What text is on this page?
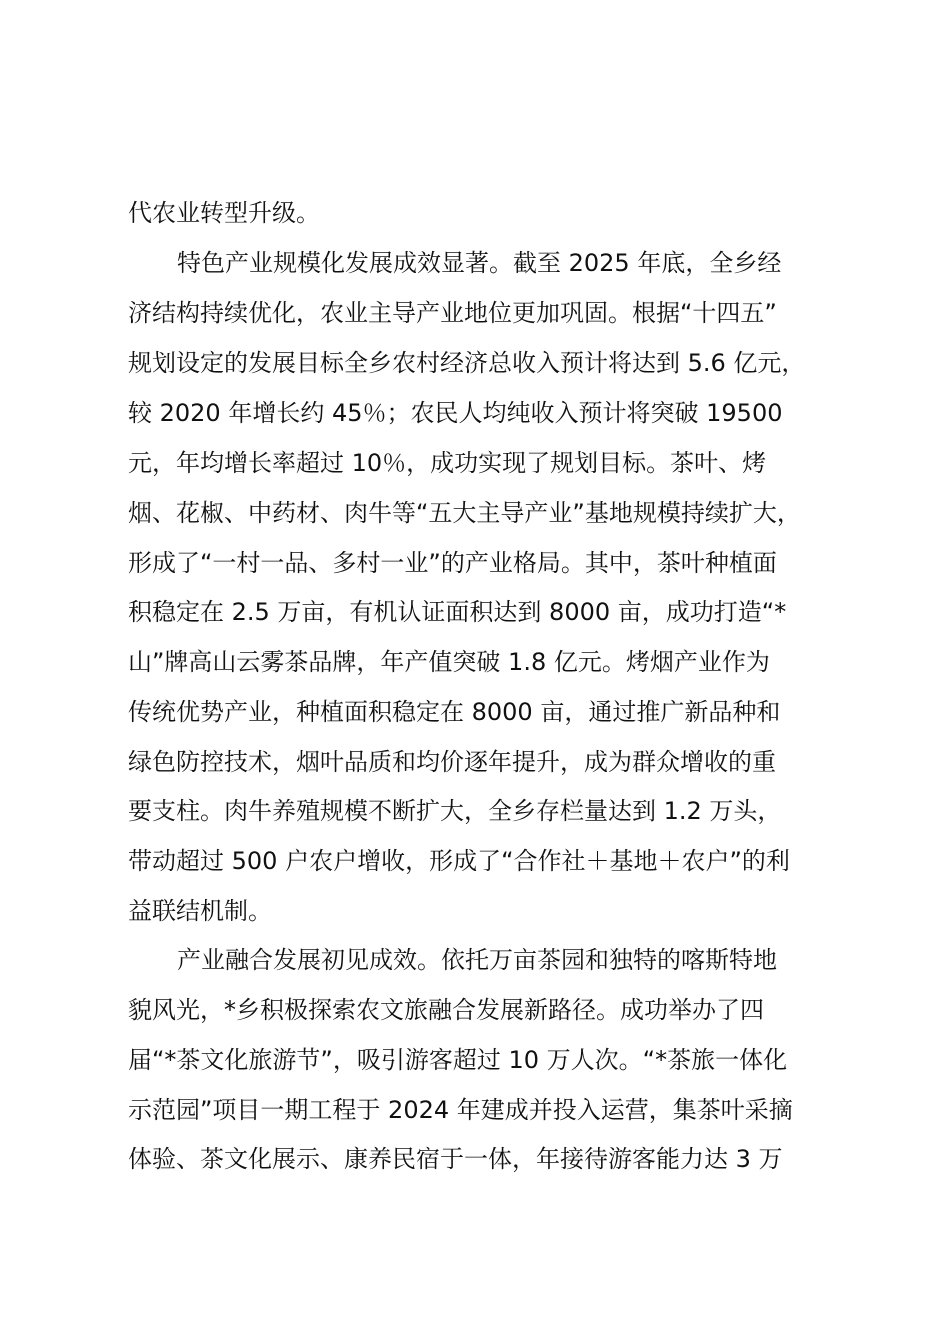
代农业转型升级。
特色产业规模化发展成效显著。截至 2025 年底，全乡经
济结构持续优化，农业主导产业地位更加巩固。根据“十四五”
规划设定的发展目标全乡农村经济总收入预计将达到 5.6 亿元，
较 2020 年增长约 45％；农民人均纯收入预计将突破 19500
元，年均增长率超过 10％，成功实现了规划目标。茶叶、烤
烟、花椒、中药材、肉牛等“五大主导产业”基地规模持续扩大，
形成了“一村一品、多村一业”的产业格局。其中，茶叶种植面
积稳定在 2.5 万亩，有机认证面积达到 8000 亩，成功打造“*
山”牌高山云雾茶品牌，年产值突破 1.8 亿元。烤烟产业作为
传统优势产业，种植面积稳定在 8000 亩，通过推广新品种和
绿色防控技术，烟叶品质和均价逐年提升，成为群众增收的重
要支柱。肉牛养殖规模不断扩大，全乡存栏量达到 1.2 万头，
带动超过 500 户农户增收，形成了“合作社＋基地＋农户”的利
益联结机制。
产业融合发展初见成效。依托万亩茶园和独特的喀斯特地
貌风光，*乡积极探索农文旅融合发展新路径。成功举办了四
届“*茶文化旅游节”，吸引游客超过 10 万人次。“*茶旅一体化
示范园”项目一期工程于 2024 年建成并投入运营，集茶叶采摘
体验、茶文化展示、康养民宿于一体，年接待游客能力达 3 万
